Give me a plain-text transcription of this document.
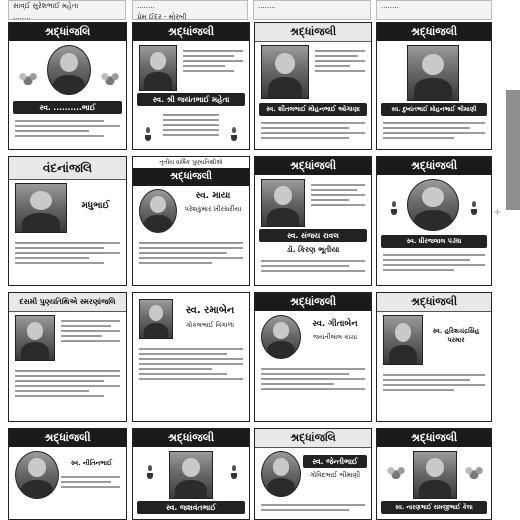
સાવ્ઈ સુરેશભાઈ મહેતા
........
........
પ્રેમ ઈંદર - મોરબી
........	........
શ્રદ્ધાંજલિ
સ્વ. ..........ભાઈ
શ્રદ્ધાંજલી
સ્વ. શ્રી જયંતભાઈ મહેતા
શ્રદ્ધાંજલી
સ્વ. શીતલભાઈ મોહનભાઈ ઓગાણા
શ્રદ્ધાંજલી
સ્વ. દુષ્યંતભાઈ મોહનભાઈ ભીમાણી
વંદનાંજલિ
મધુભાઈ
તૃતીય વાર્ષિક પુણ્યતિથીએ
શ્રદ્ધાંજલી
સ્વ. માયા
પરેશકુમાર ખીરસરીયા
શ્રદ્ધાંજલી
સ્વ. સંજય રાવલ
ડૉ. કિરણ ભૂતીયા
શ્રદ્ધાંજલી
સ્વ. ધીરજલાલ પંડ્યા
દસમી પુણ્યતિથિએ સ્મરણાંજલિ
સ્વ. રમાબેન
ગોકલભાઈ વિંગાળા
શ્રદ્ધાંજલી
સ્વ. ગીતાબેન
જયંતીલાલ કાચા
શ્રદ્ધાંજલી
સ્વ. હરિશચંદ્રસિંહ પરમાર
શ્રદ્ધાંજલી
સ્વ. નીતિનભાઈ
શ્રદ્ધાંજલી
સ્વ. જશવંતભાઈ
શ્રદ્ધાંજલિ
સ્વ. જેન્તીભાઈ
ગોવિંદભાઈ ભીમાણી
શ્રદ્ધાંજલી
સ્વ. નારણભાઈ રામજીભાઈ કૈલા
+
